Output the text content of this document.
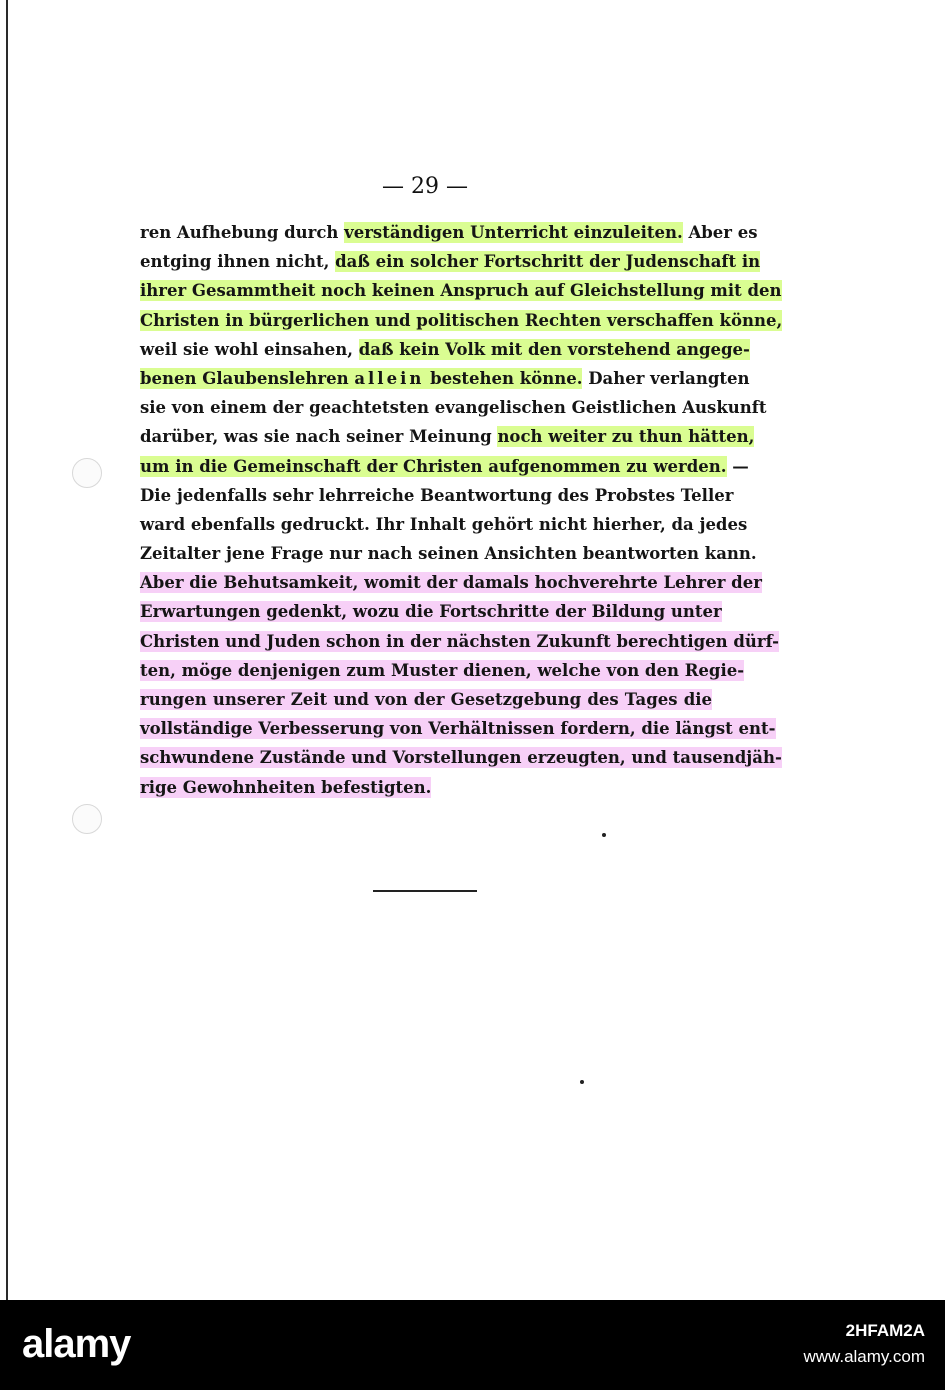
— 29 —
ren Aufhebung durch verständigen Unterricht einzuleiten. Aber es
entging ihnen nicht, daß ein solcher Fortschritt der Judenschaft in
ihrer Gesammtheit noch keinen Anspruch auf Gleichstellung mit den
Christen in bürgerlichen und politischen Rechten verschaffen könne,
weil sie wohl einsahen, daß kein Volk mit den vorstehend angege-
benen Glaubenslehren allein bestehen könne. Daher verlangten
sie von einem der geachtetsten evangelischen Geistlichen Auskunft
darüber, was sie nach seiner Meinung noch weiter zu thun hätten,
um in die Gemeinschaft der Christen aufgenommen zu werden. —
Die jedenfalls sehr lehrreiche Beantwortung des Probstes Teller
ward ebenfalls gedruckt. Ihr Inhalt gehört nicht hierher, da jedes
Zeitalter jene Frage nur nach seinen Ansichten beantworten kann.
Aber die Behutsamkeit, womit der damals hochverehrte Lehrer der
Erwartungen gedenkt, wozu die Fortschritte der Bildung unter
Christen und Juden schon in der nächsten Zukunft berechtigen dürf-
ten, möge denjenigen zum Muster dienen, welche von den Regie-
rungen unserer Zeit und von der Gesetzgebung des Tages die
vollständige Verbesserung von Verhältnissen fordern, die längst ent-
schwundene Zustände und Vorstellungen erzeugten, und tausendjäh-
rige Gewohnheiten befestigten.
alamy	2HFAM2A
www.alamy.com
